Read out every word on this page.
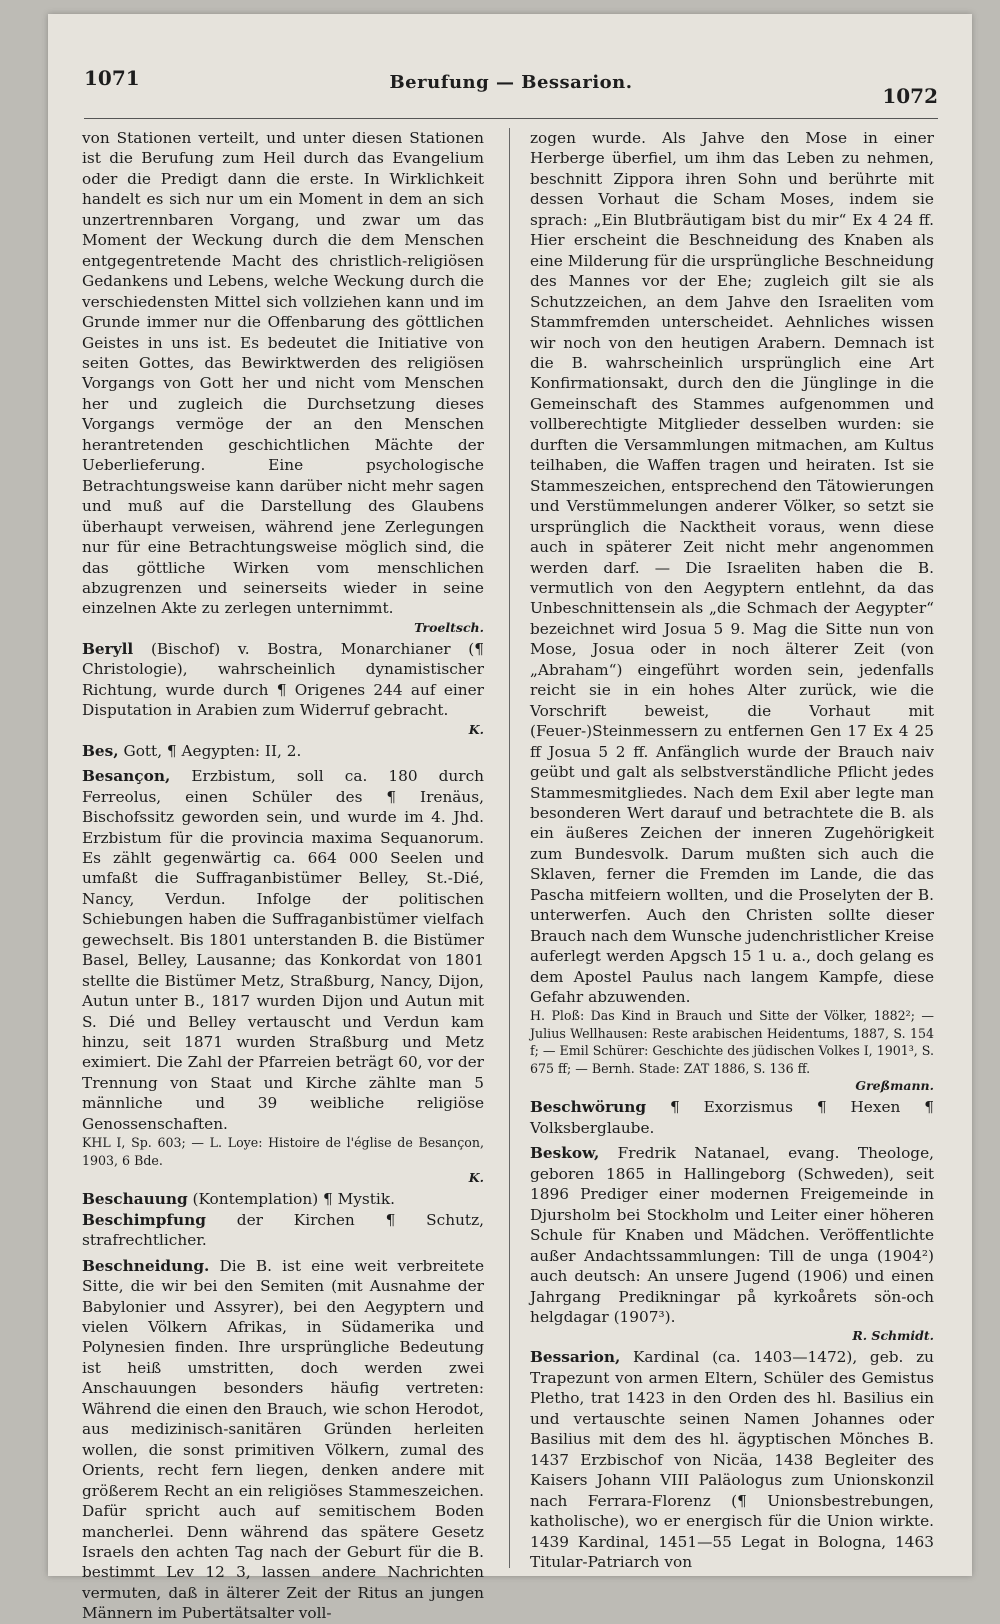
1071	Berufung — Bessarion.
1072

von Stationen verteilt, und unter diesen Stationen ist die Berufung zum Heil durch das Evangelium oder die Predigt dann die erste. In Wirklichkeit handelt es sich nur um ein Moment in dem an sich unzertrennbaren Vorgang, und zwar um das Moment der Weckung durch die dem Menschen entgegentretende Macht des christlich-religiösen Gedankens und Lebens, welche Weckung durch die verschiedensten Mittel sich vollziehen kann und im Grunde immer nur die Offenbarung des göttlichen Geistes in uns ist. Es bedeutet die Initiative von seiten Gottes, das Bewirktwerden des religiösen Vorgangs von Gott her und nicht vom Menschen her und zugleich die Durchsetzung dieses Vorgangs vermöge der an den Menschen herantretenden geschichtlichen Mächte der Ueberlieferung. Eine psychologische Betrachtungsweise kann darüber nicht mehr sagen und muß auf die Darstellung des Glaubens überhaupt verweisen, während jene Zerlegungen nur für eine Betrachtungsweise möglich sind, die das göttliche Wirken vom menschlichen abzugrenzen und seinerseits wieder in seine einzelnen Akte zu zerlegen unternimmt.

Troeltsch.

Beryll (Bischof) v. Bostra, Monarchianer (¶ Christologie), wahrscheinlich dynamistischer Richtung, wurde durch ¶ Origenes 244 auf einer Disputation in Arabien zum Widerruf gebracht.

K.

Bes, Gott, ¶ Aegypten: II, 2.

Besançon, Erzbistum, soll ca. 180 durch Ferreolus, einen Schüler des ¶ Irenäus, Bischofssitz geworden sein, und wurde im 4. Jhd. Erzbistum für die provincia maxima Sequanorum. Es zählt gegenwärtig ca. 664 000 Seelen und umfaßt die Suffraganbistümer Belley, St.-Dié, Nancy, Verdun. Infolge der politischen Schiebungen haben die Suffraganbistümer vielfach gewechselt. Bis 1801 unterstanden B. die Bistümer Basel, Belley, Lausanne; das Konkordat von 1801 stellte die Bistümer Metz, Straßburg, Nancy, Dijon, Autun unter B., 1817 wurden Dijon und Autun mit S. Dié und Belley vertauscht und Verdun kam hinzu, seit 1871 wurden Straßburg und Metz eximiert. Die Zahl der Pfarreien beträgt 60, vor der Trennung von Staat und Kirche zählte man 5 männliche und 39 weibliche religiöse Genossenschaften.

KHL I, Sp. 603; — L. Loye: Histoire de l'église de Besançon, 1903, 6 Bde.

K.

Beschauung (Kontemplation) ¶ Mystik.

Beschimpfung der Kirchen ¶ Schutz, strafrechtlicher.

Beschneidung. Die B. ist eine weit verbreitete Sitte, die wir bei den Semiten (mit Ausnahme der Babylonier und Assyrer), bei den Aegyptern und vielen Völkern Afrikas, in Südamerika und Polynesien finden. Ihre ursprüngliche Bedeutung ist heiß umstritten, doch werden zwei Anschauungen besonders häufig vertreten: Während die einen den Brauch, wie schon Herodot, aus medizinisch-sanitären Gründen herleiten wollen, die sonst primitiven Völkern, zumal des Orients, recht fern liegen, denken andere mit größerem Recht an ein religiöses Stammeszeichen. Dafür spricht auch auf semitischem Boden mancherlei. Denn während das spätere Gesetz Israels den achten Tag nach der Geburt für die B. bestimmt Lev 12 3, lassen andere Nachrichten vermuten, daß in älterer Zeit der Ritus an jungen Männern im Pubertätsalter voll-

zogen wurde. Als Jahve den Mose in einer Herberge überfiel, um ihm das Leben zu nehmen, beschnitt Zippora ihren Sohn und berührte mit dessen Vorhaut die Scham Moses, indem sie sprach: „Ein Blutbräutigam bist du mir“ Ex 4 24 ff. Hier erscheint die Beschneidung des Knaben als eine Milderung für die ursprüngliche Beschneidung des Mannes vor der Ehe; zugleich gilt sie als Schutzzeichen, an dem Jahve den Israeliten vom Stammfremden unterscheidet. Aehnliches wissen wir noch von den heutigen Arabern. Demnach ist die B. wahrscheinlich ursprünglich eine Art Konfirmationsakt, durch den die Jünglinge in die Gemeinschaft des Stammes aufgenommen und vollberechtigte Mitglieder desselben wurden: sie durften die Versammlungen mitmachen, am Kultus teilhaben, die Waffen tragen und heiraten. Ist sie Stammeszeichen, entsprechend den Tätowierungen und Verstümmelungen anderer Völker, so setzt sie ursprünglich die Nacktheit voraus, wenn diese auch in späterer Zeit nicht mehr angenommen werden darf. — Die Israeliten haben die B. vermutlich von den Aegyptern entlehnt, da das Unbeschnittensein als „die Schmach der Aegypter“ bezeichnet wird Josua 5 9. Mag die Sitte nun von Mose, Josua oder in noch älterer Zeit (von „Abraham“) eingeführt worden sein, jedenfalls reicht sie in ein hohes Alter zurück, wie die Vorschrift beweist, die Vorhaut mit (Feuer-)Steinmessern zu entfernen Gen 17 Ex 4 25 ff Josua 5 2 ff. Anfänglich wurde der Brauch naiv geübt und galt als selbstverständliche Pflicht jedes Stammesmitgliedes. Nach dem Exil aber legte man besonderen Wert darauf und betrachtete die B. als ein äußeres Zeichen der inneren Zugehörigkeit zum Bundesvolk. Darum mußten sich auch die Sklaven, ferner die Fremden im Lande, die das Pascha mitfeiern wollten, und die Proselyten der B. unterwerfen. Auch den Christen sollte dieser Brauch nach dem Wunsche judenchristlicher Kreise auferlegt werden Apgsch 15 1 u. a., doch gelang es dem Apostel Paulus nach langem Kampfe, diese Gefahr abzuwenden.

H. Ploß: Das Kind in Brauch und Sitte der Völker, 1882²; — Julius Wellhausen: Reste arabischen Heidentums, 1887, S. 154 f; — Emil Schürer: Geschichte des jüdischen Volkes I, 1901³, S. 675 ff; — Bernh. Stade: ZAT 1886, S. 136 ff.

Greßmann.

Beschwörung ¶ Exorzismus ¶ Hexen ¶ Volksberglaube.

Beskow, Fredrik Natanael, evang. Theologe, geboren 1865 in Hallingeborg (Schweden), seit 1896 Prediger einer modernen Freigemeinde in Djursholm bei Stockholm und Leiter einer höheren Schule für Knaben und Mädchen. Veröffentlichte außer Andachtssammlungen: Till de unga (1904²) auch deutsch: An unsere Jugend (1906) und einen Jahrgang Predikningar på kyrkoårets sön-och helgdagar (1907³).

R. Schmidt.

Bessarion, Kardinal (ca. 1403—1472), geb. zu Trapezunt von armen Eltern, Schüler des Gemistus Pletho, trat 1423 in den Orden des hl. Basilius ein und vertauschte seinen Namen Johannes oder Basilius mit dem des hl. ägyptischen Mönches B. 1437 Erzbischof von Nicäa, 1438 Begleiter des Kaisers Johann VIII Paläologus zum Unionskonzil nach Ferrara-Florenz (¶ Unionsbestrebungen, katholische), wo er energisch für die Union wirkte. 1439 Kardinal, 1451—55 Legat in Bologna, 1463 Titular-Patriarch von
